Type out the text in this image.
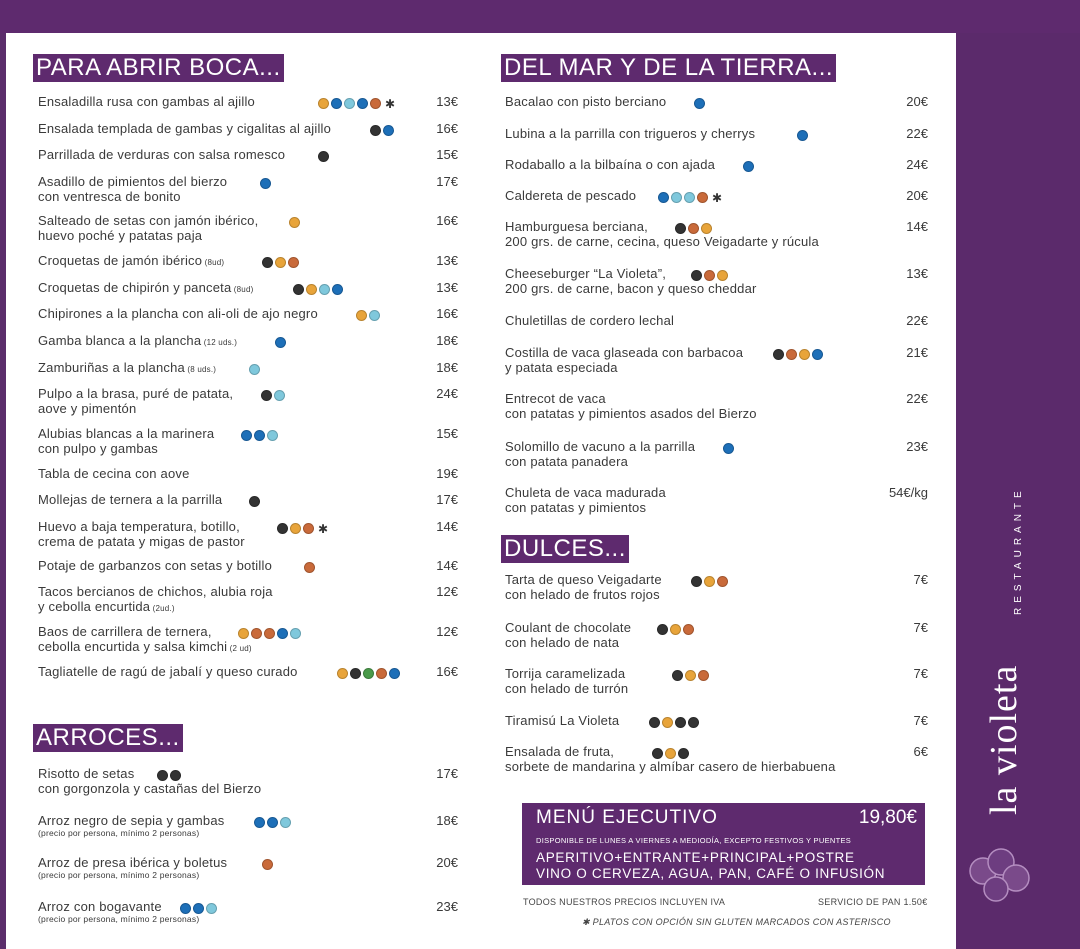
PARA ABRIR BOCA...
ARROCES...
DEL MAR Y DE LA TIERRA...
DULCES...
Ensaladilla rusa con gambas al ajillo	✱	13€
Ensalada templada de gambas y cigalitas al ajillo	16€
Parrillada de verduras con salsa romesco	15€
Asadillo de pimientos del bierzo
con ventresca de bonito
17€
Salteado de setas con jamón ibérico,
huevo poché y patatas paja
16€
Croquetas de jamón ibérico (8ud)	13€
Croquetas de chipirón y panceta (8ud)	13€
Chipirones a la plancha con ali-oli de ajo negro	16€
Gamba blanca a la plancha (12 uds.)	18€
Zamburiñas a la plancha (8 uds.)	18€
Pulpo a la brasa, puré de patata,
aove y pimentón
24€
Alubias blancas a la marinera
con pulpo y gambas
15€
Tabla de cecina con aove	19€
Mollejas de ternera a la parrilla	17€
Huevo a baja temperatura, botillo,
crema de patata y migas de pastor
✱	14€
Potaje de garbanzos con setas y botillo	14€
Tacos bercianos de chichos, alubia roja
y cebolla encurtida (2ud.)
12€
Baos de carrillera de ternera,
cebolla encurtida y salsa kimchi (2 ud)
12€
Tagliatelle de ragú de jabalí y queso curado	16€
Risotto de setas
con gorgonzola y castañas del Bierzo
17€
Arroz negro de sepia y gambas
(precio por persona, mínimo 2 personas)
18€
Arroz de presa ibérica y boletus
(precio por persona, mínimo 2 personas)
20€
Arroz con bogavante
(precio por persona, mínimo 2 personas)
23€
Bacalao con pisto berciano	20€
Lubina a la parrilla con trigueros y cherrys	22€
Rodaballo a la bilbaína o con ajada	24€
Caldereta de pescado	✱	20€
Hamburguesa berciana,
200 grs. de carne, cecina, queso Veigadarte y rúcula
14€
Cheeseburger “La Violeta”,
200 grs. de carne, bacon y queso cheddar
13€
Chuletillas de cordero lechal	22€
Costilla de vaca glaseada con barbacoa
y patata especiada
21€
Entrecot de vaca
con patatas y pimientos asados del Bierzo
22€
Solomillo de vacuno a la parrilla
con patata panadera
23€
Chuleta de vaca madurada
con patatas y pimientos
54€/kg
Tarta de queso Veigadarte
con helado de frutos rojos
7€
Coulant de chocolate
con helado de nata
7€
Torrija caramelizada
con helado de turrón
7€
Tiramisú La Violeta	7€
Ensalada de fruta,
sorbete de mandarina y almíbar casero de hierbabuena
6€
MENÚ EJECUTIVO	19,80€
DISPONIBLE DE LUNES A VIERNES A MEDIODÍA, EXCEPTO FESTIVOS Y PUENTES
APERITIVO+ENTRANTE+PRINCIPAL+POSTRE
VINO O CERVEZA, AGUA, PAN, CAFÉ O INFUSIÓN
TODOS NUESTROS PRECIOS INCLUYEN IVA	SERVICIO DE PAN 1.50€
✱ PLATOS CON OPCIÓN SIN GLUTEN MARCADOS CON ASTERISCO
RESTAURANTE
la violeta
